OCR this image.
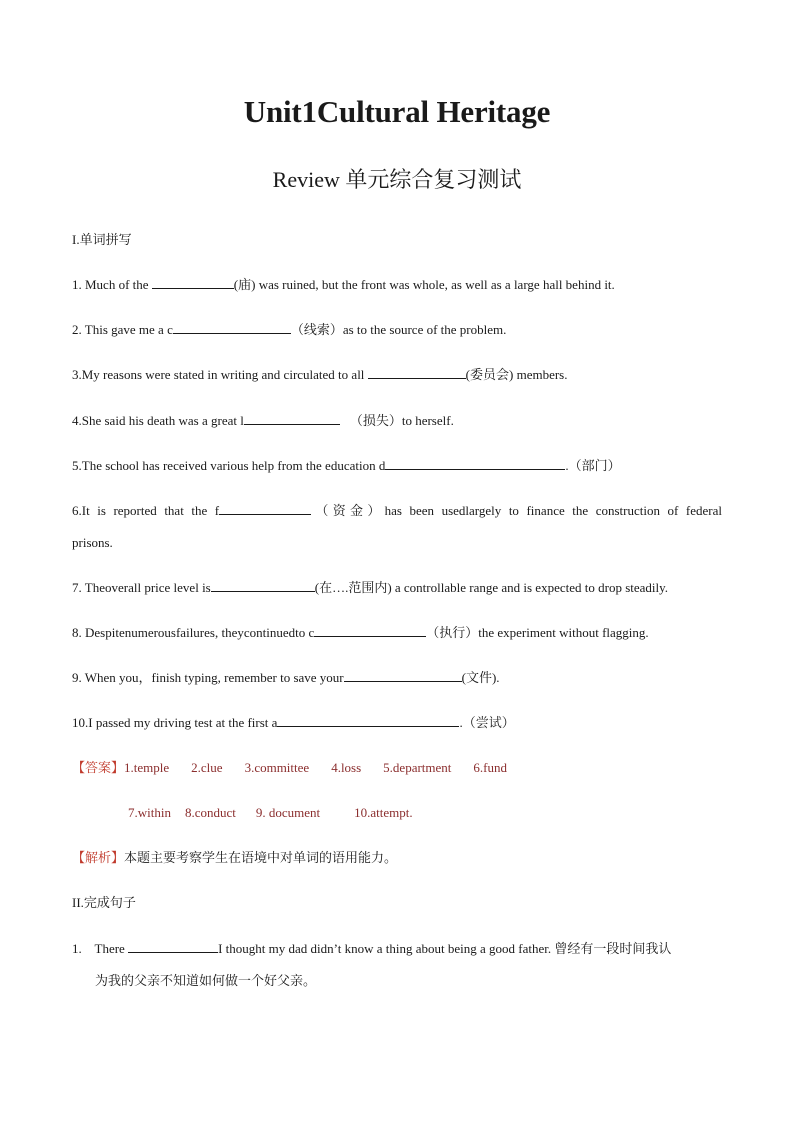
Unit1Cultural Heritage
Review 单元综合复习测试
I.单词拼写
1. Much of the	(庙) was ruined, but the front was whole, as well as a large hall behind it.
2. This gave me a c	（线索）as to the source of the problem.
3.My reasons were stated in writing and circulated to all	(委员会) members.
4.She said his death was a great l	（损失）to herself.
5.The school has received various help from the education d	.（部门）
6.It is reported that the f	（资金）has been usedlargely to finance the construction of federal
prisons.
7. Theoverall price level is	(在….范围内) a controllable range and is expected to drop steadily.
8. Despitenumerousfailures, theycontinuedto c	（执行）the experiment without flagging.
9. When you，finish typing, remember to save your	(文件).
10.I passed my driving test at the first a	.（尝试）
【答案】1.temple 2.clue 3.committee 4.loss 5.department 6.fund
7.within 8.conduct 9. document	10.attempt.
【解析】本题主要考察学生在语境中对单词的语用能力。
II.完成句子
1.    There	I thought my dad didn’t know a thing about being a good father. 曾经有一段时间我认
为我的父亲不知道如何做一个好父亲。
